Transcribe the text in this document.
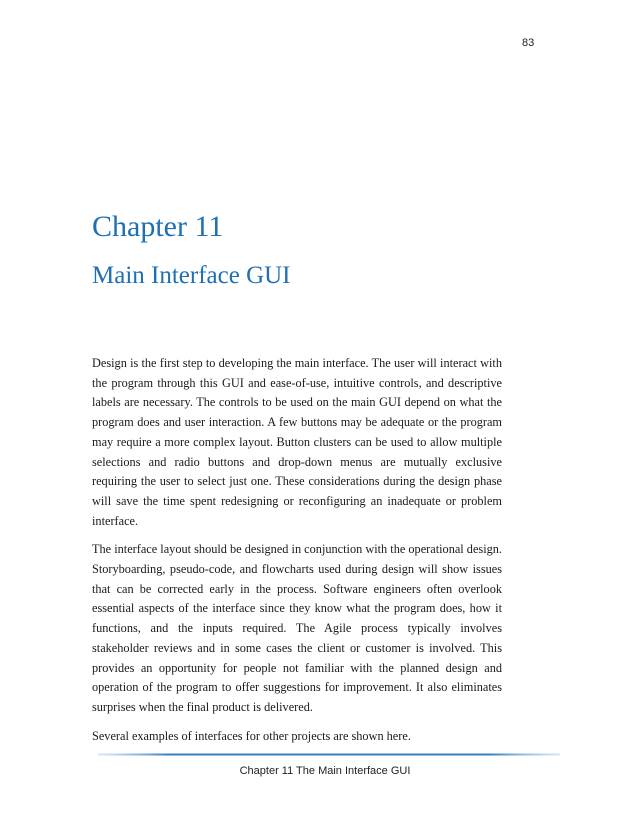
83
Chapter 11
Main Interface GUI

Design is the first step to developing the main interface. The user will interact with the program through this GUI and ease-of-use, intuitive controls, and descriptive labels are necessary. The controls to be used on the main GUI depend on what the program does and user interaction. A few buttons may be adequate or the program may require a more complex layout. Button clusters can be used to allow multiple selections and radio buttons and drop-down menus are mutually exclusive requiring the user to select just one. These considerations during the design phase will save the time spent redesigning or reconfiguring an inadequate or problem interface.

The interface layout should be designed in conjunction with the operational design. Storyboarding, pseudo-code, and flowcharts used during design will show issues that can be corrected early in the process. Software engineers often overlook essential aspects of the interface since they know what the program does, how it functions, and the inputs required. The Agile process typically involves stakeholder reviews and in some cases the client or customer is involved. This provides an opportunity for people not familiar with the planned design and operation of the program to offer suggestions for improvement. It also eliminates surprises when the final product is delivered.

Several examples of interfaces for other projects are shown here.

Chapter 11 The Main Interface GUI
